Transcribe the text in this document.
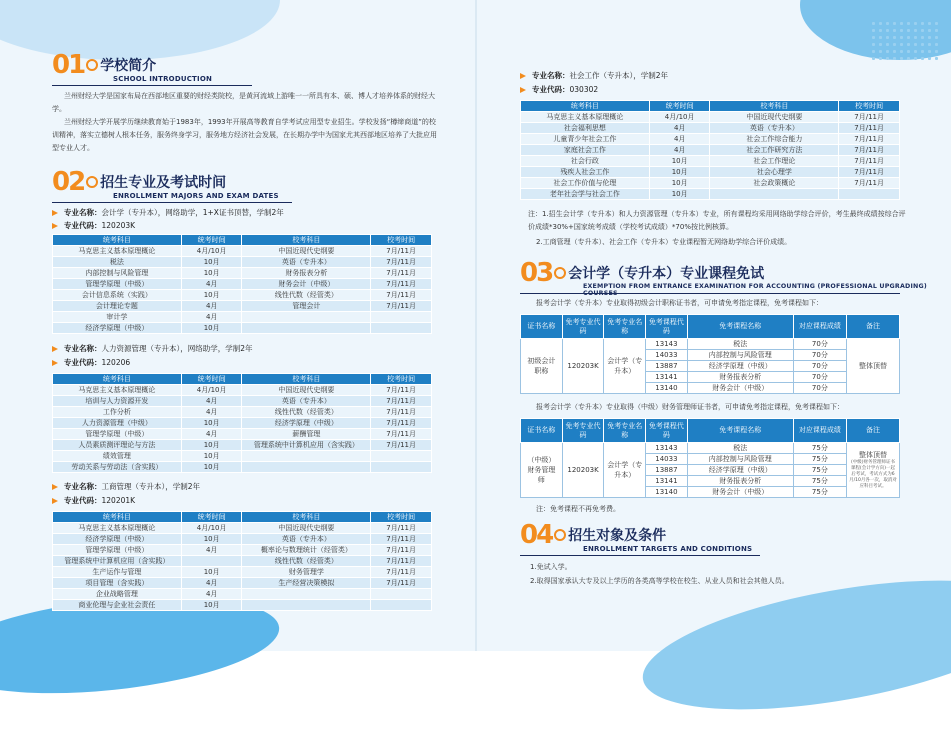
01 学校简介
SCHOOL INTRODUCTION
兰州财经大学是国家布局在西部地区重要的财经类院校，是黄河流域上游唯一一所具有本、硕、博人才培养体系的财经大学。
兰州财经大学开展学历继续教育始于1983年，1993年开展高等教育自学考试应用型专业招生。学校发扬“樽缔商道”的校训精神，落实立德树人根本任务，服务终身学习，服务地方经济社会发展，在长期办学中为国家尤其西部地区培养了大批应用型专业人才。
02 招生专业及考试时间
ENROLLMENT MAJORS AND EXAM DATES
专业名称：会计学（专升本），网络助学，1+X证书顶替，学制2年
专业代码：120203K
统考科目	统考时间	校考科目	校考时间
马克思主义基本原理概论	4月/10月	中国近现代史纲要	7月/11月
税法	10月	英语（专升本）	7月/11月
内部控制与风险管理	10月	财务报表分析	7月/11月
管理学原理（中级）	4月	财务会计（中级）	7月/11月
会计信息系统（实践）	10月	线性代数（经管类）	7月/11月
会计理论专题	4月	管理会计	7月/11月
审计学	4月		
经济学原理（中级）	10月		
专业名称：人力资源管理（专升本），网络助学，学制2年
专业代码：120206
统考科目	统考时间	校考科目	校考时间
马克思主义基本原理概论	4月/10月	中国近现代史纲要	7月/11月
培训与人力资源开发	4月	英语（专升本）	7月/11月
工作分析	4月	线性代数（经管类）	7月/11月
人力资源管理（中级）	10月	经济学原理（中级）	7月/11月
管理学原理（中级）	4月	薪酬管理	7月/11月
人员素质测评理论与方法	10月	管理系统中计算机应用（含实践）	7月/11月
绩效管理	10月		
劳动关系与劳动法（含实践）	10月		
专业名称：工商管理（专升本），学制2年
专业代码：120201K
统考科目	统考时间	校考科目	校考时间
马克思主义基本原理概论	4月/10月	中国近现代史纲要	7月/11月
经济学原理（中级）	10月	英语（专升本）	7月/11月
管理学原理（中级）	4月	概率论与数理统计（经管类）	7月/11月
管理系统中计算机应用（含实践）		线性代数（经管类）	7月/11月
生产运作与管理	10月	财务管理学	7月/11月
项目管理（含实践）	4月	生产经营决策模拟	7月/11月
企业战略管理	4月		
商业伦理与企业社会责任	10月		
专业名称：社会工作（专升本），学制2年
专业代码：030302
统考科目	统考时间	校考科目	校考时间
马克思主义基本原理概论	4月/10月	中国近现代史纲要	7月/11月
社会福利思想	4月	英语（专升本）	7月/11月
儿童青少年社会工作	4月	社会工作综合能力	7月/11月
家庭社会工作	4月	社会工作研究方法	7月/11月
社会行政	10月	社会工作理论	7月/11月
残疾人社会工作	10月	社会心理学	7月/11月
社会工作价值与伦理	10月	社会政策概论	7月/11月
老年社会学与社会工作	10月		
注：1.招生会计学（专升本）和人力资源管理（专升本）专业，所有课程均采用网络助学综合评价，考生最终成绩按综合评价成绩*30%+国家统考成绩（学校考试成绩）*70%按比例核算。
2.工商管理（专升本）、社会工作（专升本）专业课程暂无网络助学综合评价成绩。
03 会计学（专升本）专业课程免试
EXEMPTION FROM ENTRANCE EXAMINATION FOR ACCOUNTING (PROFESSIONAL UPGRADING)
报考会计学（专升本）专业取得初级会计职称证书者，可申请免考指定课程，免考课程如下：
证书名称	免考专业代码	免考专业名称	免考课程代码	免考课程名称	对应课程成绩	备注
初级会计职称	120203K	会计学（专升本）	13143	税法	70分	整体顶替
			14033	内部控制与风险管理	70分	
			13887	经济学原理（中级）	70分	
			13141	财务报表分析	70分	
			13140	财务会计（中级）	70分	
报考会计学（专升本）专业取得（中级）财务管理师证书者，可申请免考指定课程，免考课程如下：
证书名称	免考专业代码	免考专业名称	免考课程代码	免考课程名称	对应课程成绩	备注
（中级）财务管理师	120203K	会计学（专升本）	13143	税法	75分	整体顶替
(中级)财务管理师证书课程(会计学方向)一起后考试，考试方式为6月/10月各一次，取消对应科目考试。

			14033	内部控制与风险管理	75分	
			13887	经济学原理（中级）	75分	
			13141	财务报表分析	75分	
			13140	财务会计（中级）	75分	
注：免考课程不再免考费。
04 招生对象及条件
ENROLLMENT TARGETS AND CONDITIONS
1.免试入学。
2.取得国家承认大专及以上学历的各类高等学校在校生、从业人员和社会其他人员。
